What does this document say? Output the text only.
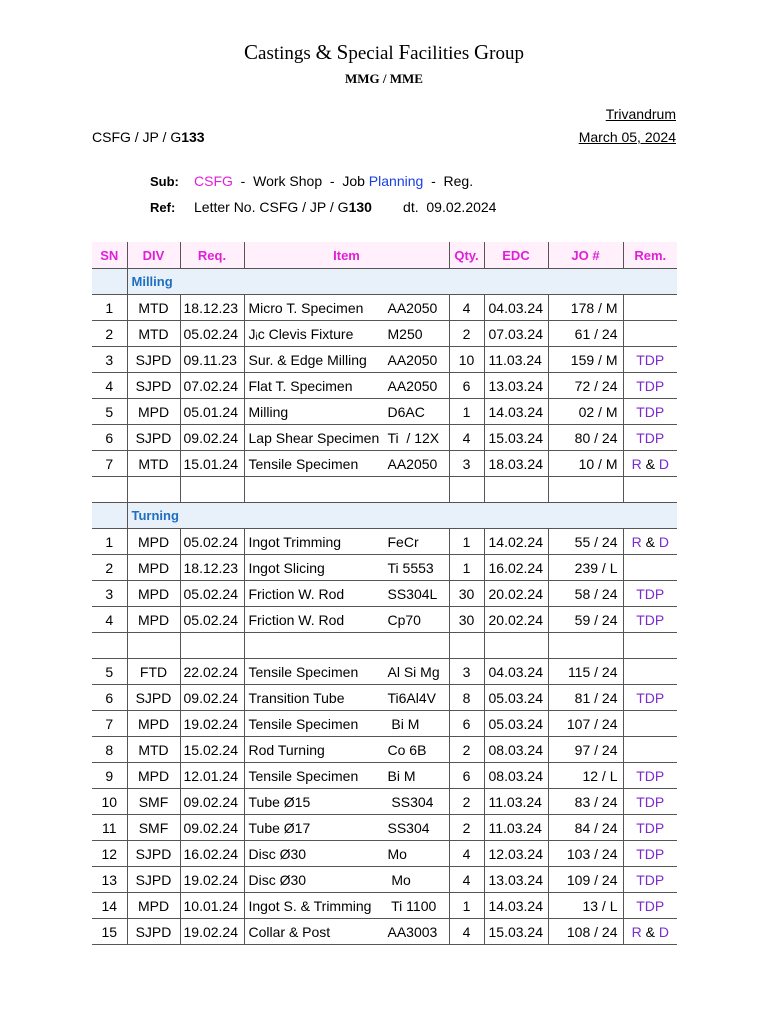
Castings & Special Facilities Group
MMG / MME
Trivandrum
CSFG / JP / G133	March 05, 2024
Sub: CSFG  -  Work Shop  -  Job Planning  -  Reg.
Ref: Letter No. CSFG / JP / G130        dt.  09.02.2024
SN	DIV	Req.	Item	Qty.	EDC	JO #	Rem.
	Milling						
1	MTD	18.12.23	Micro T. Specimen AA2050	4	04.03.24	178 / M	
2	MTD	05.02.24	Jᵢc Clevis Fixture M250	2	07.03.24	61 / 24	
3	SJPD	09.11.23	Sur. & Edge Milling AA2050	10	11.03.24	159 / M	TDP
4	SJPD	07.02.24	Flat T. Specimen AA2050	6	13.03.24	72 / 24	TDP
5	MPD	05.01.24	Milling D6AC	1	14.03.24	02 / M	TDP
6	SJPD	09.02.24	Lap Shear Specimen Ti  / 12X	4	15.03.24	80 / 24	TDP
7	MTD	15.01.24	Tensile Specimen AA2050	3	18.03.24	10 / M	R & D

	Turning						
1	MPD	05.02.24	Ingot Trimming FeCr	1	14.02.24	55 / 24	R & D
2	MPD	18.12.23	Ingot Slicing Ti 5553	1	16.02.24	239 / L	
3	MPD	05.02.24	Friction W. Rod SS304L	30	20.02.24	58 / 24	TDP
4	MPD	05.02.24	Friction W. Rod Cp70	30	20.02.24	59 / 24	TDP

5	FTD	22.02.24	Tensile Specimen Al Si Mg	3	04.03.24	115 / 24	
6	SJPD	09.02.24	Transition Tube Ti6Al4V	8	05.03.24	81 / 24	TDP
7	MPD	19.02.24	Tensile Specimen Bi M	6	05.03.24	107 / 24	
8	MTD	15.02.24	Rod Turning Co 6B	2	08.03.24	97 / 24	
9	MPD	12.01.24	Tensile Specimen Bi M	6	08.03.24	12 / L	TDP
10	SMF	09.02.24	Tube Ø15 SS304	2	11.03.24	83 / 24	TDP
11	SMF	09.02.24	Tube Ø17 SS304	2	11.03.24	84 / 24	TDP
12	SJPD	16.02.24	Disc Ø30 Mo	4	12.03.24	103 / 24	TDP
13	SJPD	19.02.24	Disc Ø30 Mo	4	13.03.24	109 / 24	TDP
14	MPD	10.01.24	Ingot S. & Trimming Ti 1100	1	14.03.24	13 / L	TDP
15	SJPD	19.02.24	Collar & Post AA3003	4	15.03.24	108 / 24	R & D
